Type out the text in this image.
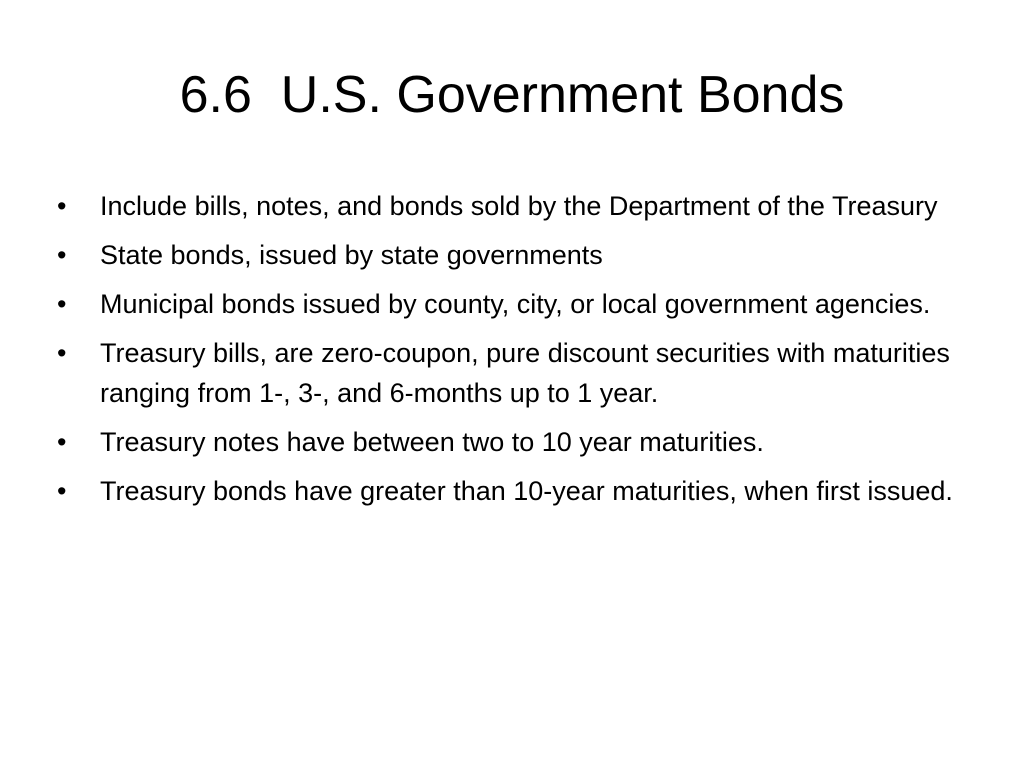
6.6  U.S. Government Bonds
•	Include bills, notes, and bonds sold by the Department of the Treasury
•	State bonds, issued by state governments
•	Municipal bonds issued by county, city, or local government agencies.
•	Treasury bills, are zero-coupon, pure discount securities with maturities ranging from 1-, 3-, and 6-months up to 1 year.
•	Treasury notes have between two to 10 year maturities.
•	Treasury bonds have greater than 10-year maturities, when first issued.
